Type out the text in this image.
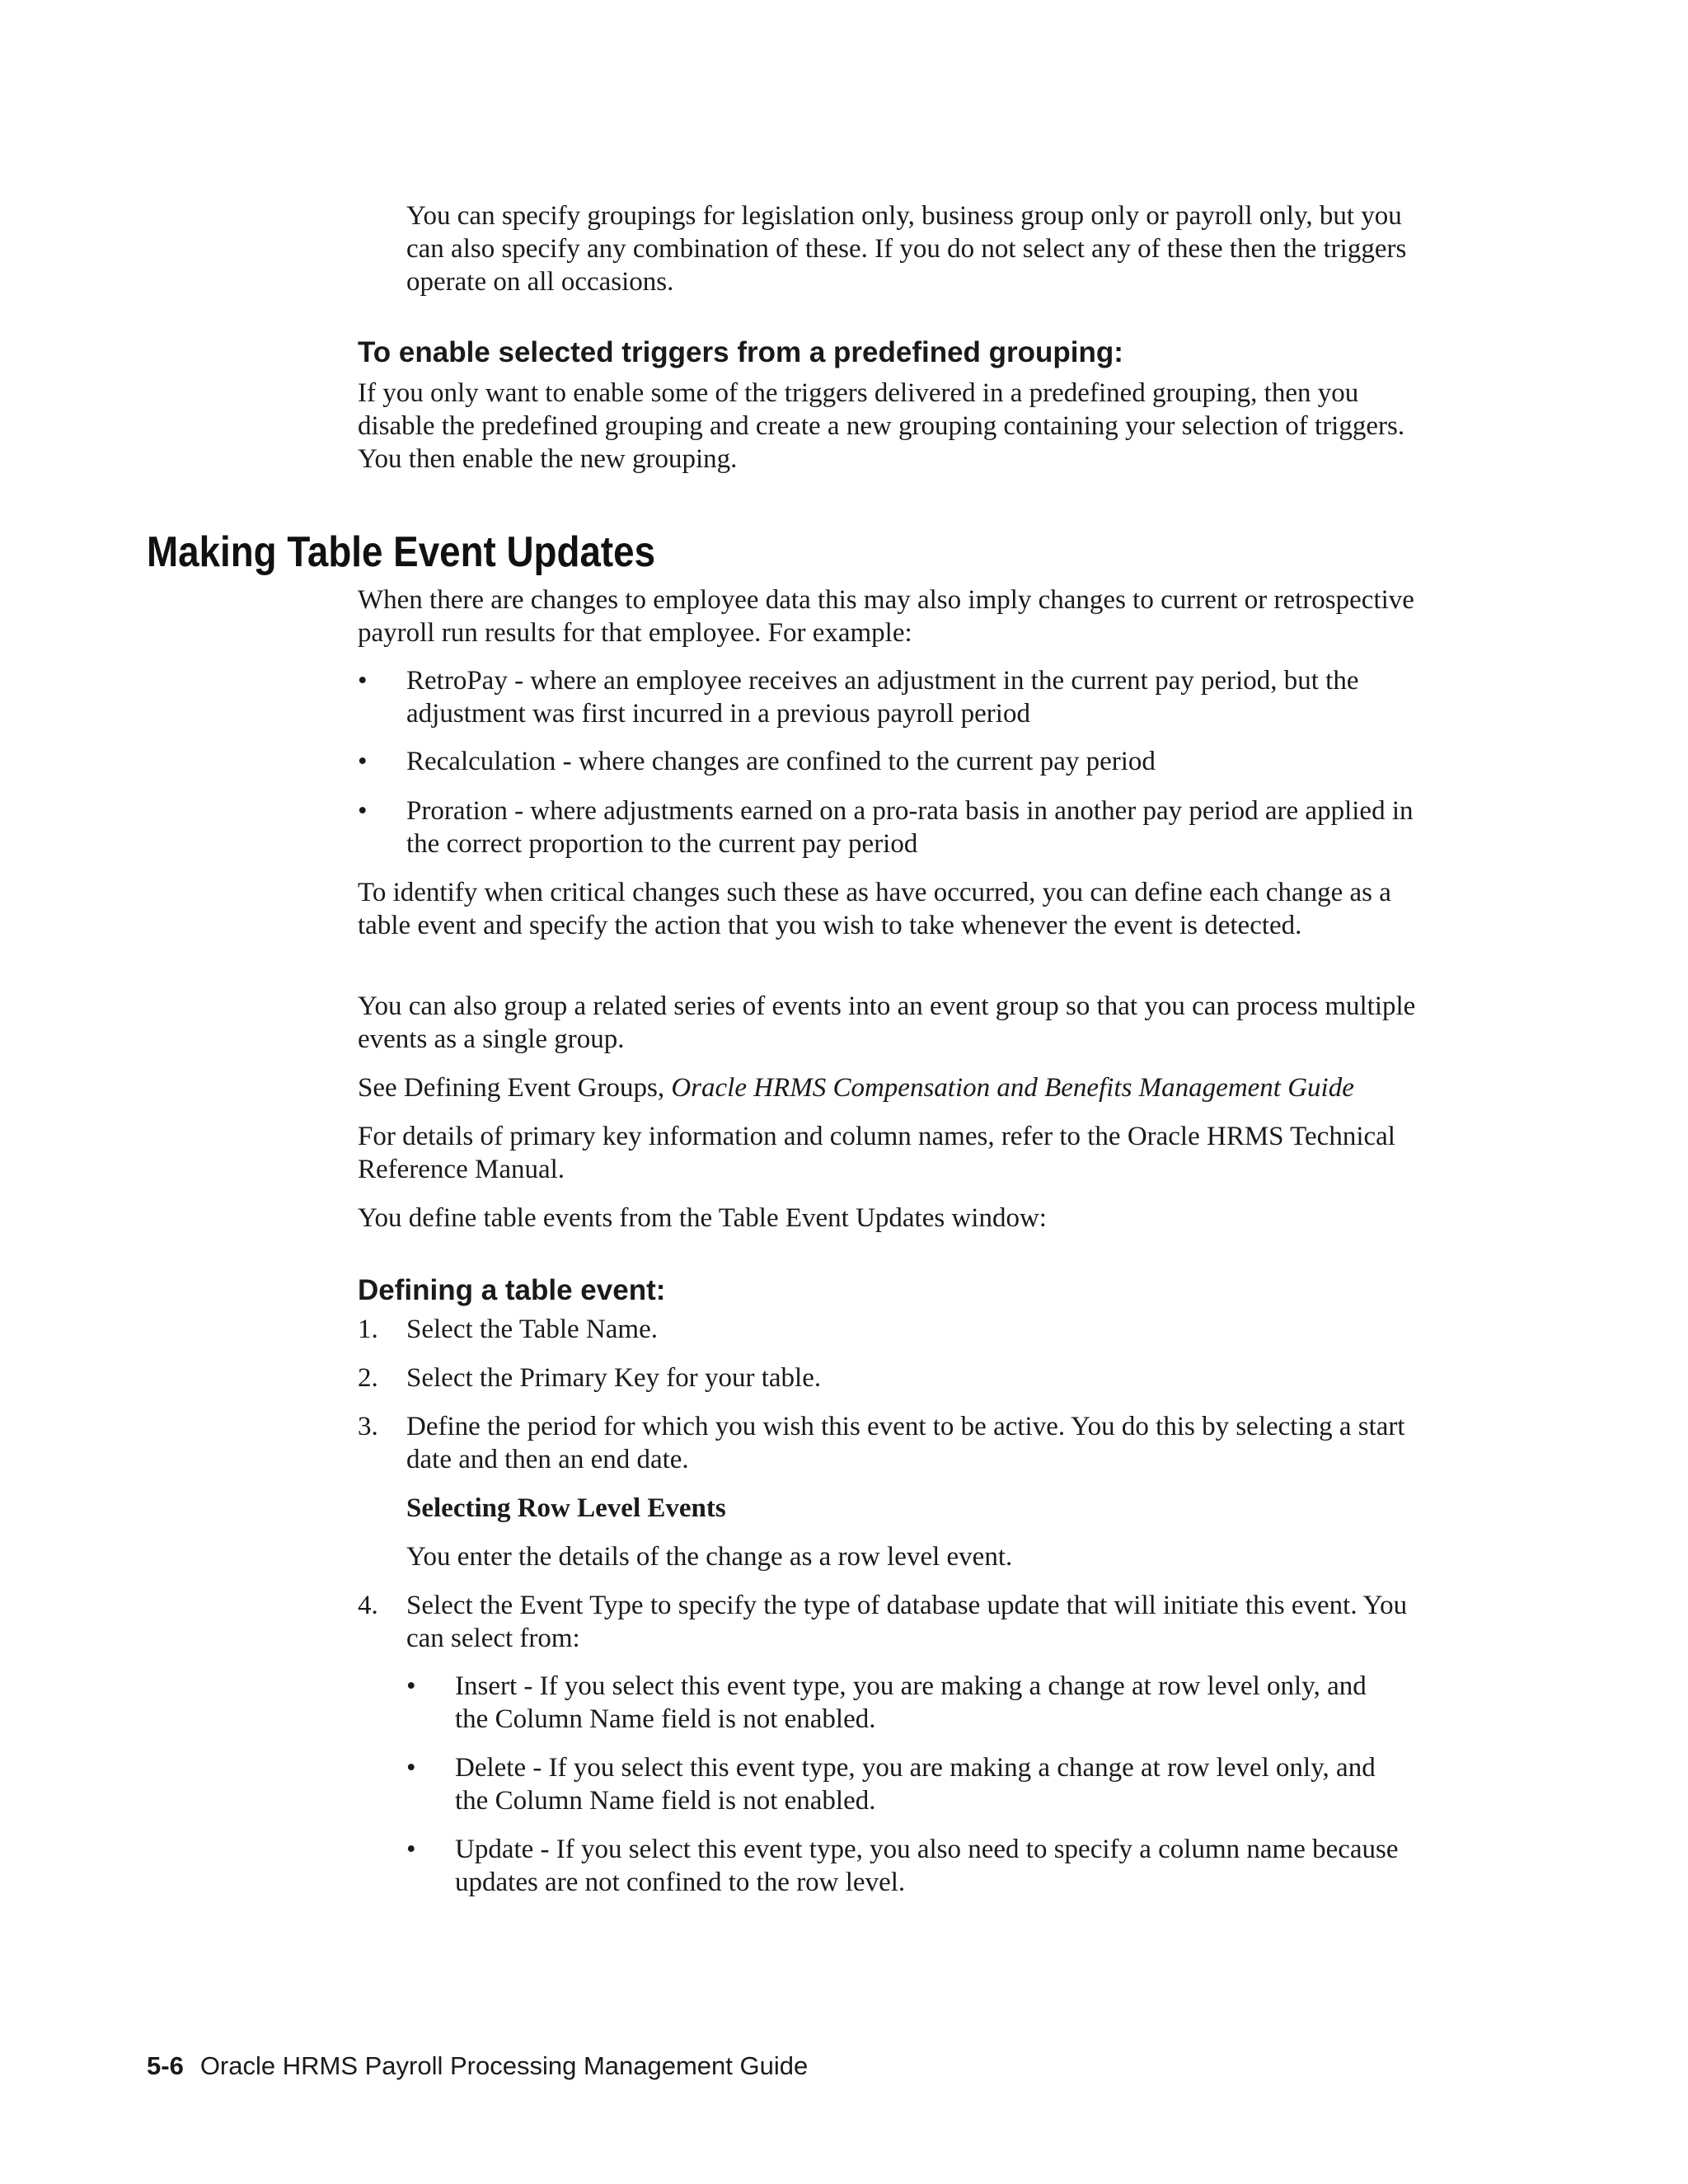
You can specify groupings for legislation only, business group only or payroll only, but you can also specify any combination of these. If you do not select any of these then the triggers operate on all occasions.

To enable selected triggers from a predefined grouping:

If you only want to enable some of the triggers delivered in a predefined grouping, then you disable the predefined grouping and create a new grouping containing your selection of triggers. You then enable the new grouping.

Making Table Event Updates

When there are changes to employee data this may also imply changes to current or retrospective payroll run results for that employee. For example:

• RetroPay - where an employee receives an adjustment in the current pay period, but the adjustment was first incurred in a previous payroll period

• Recalculation - where changes are confined to the current pay period

• Proration - where adjustments earned on a pro-rata basis in another pay period are applied in the correct proportion to the current pay period

To identify when critical changes such these as have occurred, you can define each change as a table event and specify the action that you wish to take whenever the event is detected.

You can also group a related series of events into an event group so that you can process multiple events as a single group.

See Defining Event Groups, Oracle HRMS Compensation and Benefits Management Guide

For details of primary key information and column names, refer to the Oracle HRMS Technical Reference Manual.

You define table events from the Table Event Updates window:

Defining a table event:
1. Select the Table Name.

2. Select the Primary Key for your table.

3. Define the period for which you wish this event to be active. You do this by selecting a start date and then an end date.

Selecting Row Level Events

You enter the details of the change as a row level event.

4. Select the Event Type to specify the type of database update that will initiate this event. You can select from:

• Insert - If you select this event type, you are making a change at row level only, and the Column Name field is not enabled.

• Delete - If you select this event type, you are making a change at row level only, and the Column Name field is not enabled.

• Update - If you select this event type, you also need to specify a column name because updates are not confined to the row level.

5-6 Oracle HRMS Payroll Processing Management Guide
